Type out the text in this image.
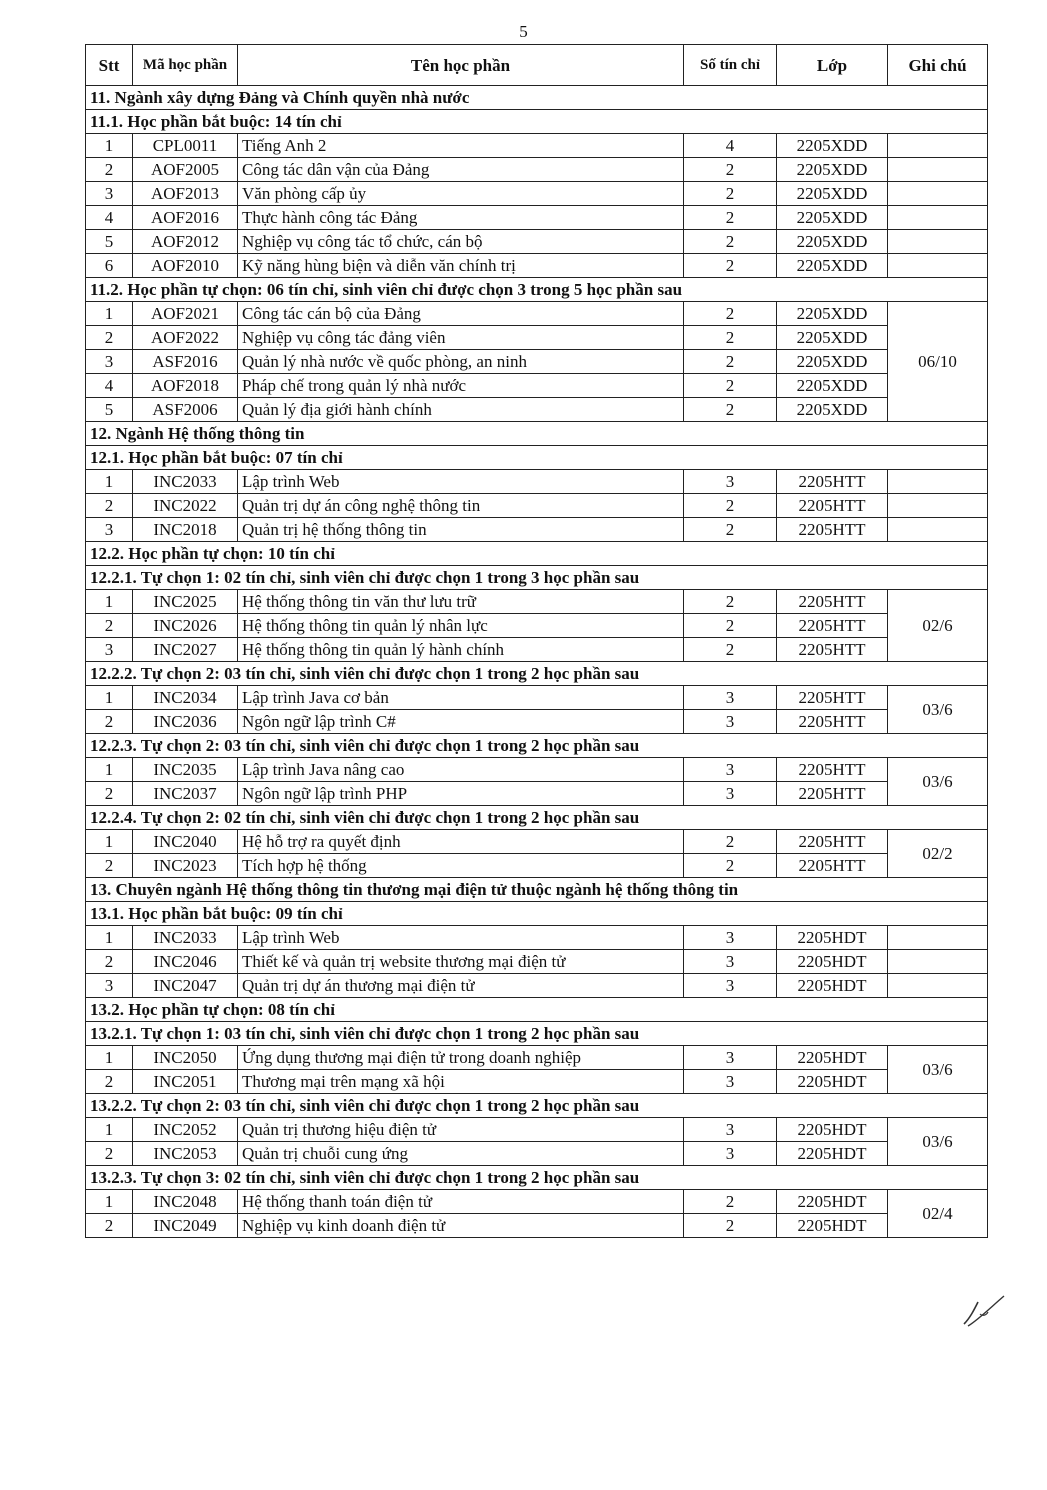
5
Stt	Mã học phần	Tên học phần	Số tín chỉ	Lớp	Ghi chú
11. Ngành xây dựng Đảng và Chính quyền nhà nước					
11.1. Học phần bắt buộc: 14 tín chỉ					
1	CPL0011	Tiếng Anh 2	4	2205XDD	
2	AOF2005	Công tác dân vận của Đảng	2	2205XDD	
3	AOF2013	Văn phòng cấp ủy	2	2205XDD	
4	AOF2016	Thực hành công tác Đảng	2	2205XDD	
5	AOF2012	Nghiệp vụ công tác tổ chức, cán bộ	2	2205XDD	
6	AOF2010	Kỹ năng hùng biện và diễn văn chính trị	2	2205XDD	
11.2. Học phần tự chọn: 06 tín chỉ, sinh viên chỉ được chọn 3 trong 5 học phần sau					
1	AOF2021	Công tác cán bộ của Đảng	2	2205XDD	06/10
2	AOF2022	Nghiệp vụ công tác đảng viên	2	2205XDD	
3	ASF2016	Quản lý nhà nước về quốc phòng, an ninh	2	2205XDD	
4	AOF2018	Pháp chế trong quản lý nhà nước	2	2205XDD	
5	ASF2006	Quản lý địa giới hành chính	2	2205XDD	
12. Ngành Hệ thống thông tin					
12.1. Học phần bắt buộc: 07 tín chỉ					
1	INC2033	Lập trình Web	3	2205HTT	
2	INC2022	Quản trị dự án công nghệ thông tin	2	2205HTT	
3	INC2018	Quản trị hệ thống thông tin	2	2205HTT	
12.2. Học phần tự chọn: 10 tín chỉ					
12.2.1. Tự chọn 1: 02 tín chỉ, sinh viên chỉ được chọn 1 trong 3 học phần sau					
1	INC2025	Hệ thống thông tin văn thư lưu trữ	2	2205HTT	02/6
2	INC2026	Hệ thống thông tin quản lý nhân lực	2	2205HTT	
3	INC2027	Hệ thống thông tin quản lý hành chính	2	2205HTT	
12.2.2. Tự chọn 2: 03 tín chỉ, sinh viên chỉ được chọn 1 trong 2 học phần sau					
1	INC2034	Lập trình Java cơ bản	3	2205HTT	03/6
2	INC2036	Ngôn ngữ lập trình C#	3	2205HTT	
12.2.3. Tự chọn 2: 03 tín chỉ, sinh viên chỉ được chọn 1 trong 2 học phần sau					
1	INC2035	Lập trình Java nâng cao	3	2205HTT	03/6
2	INC2037	Ngôn ngữ lập trình PHP	3	2205HTT	
12.2.4. Tự chọn 2: 02 tín chỉ, sinh viên chỉ được chọn 1 trong 2 học phần sau					
1	INC2040	Hệ hỗ trợ ra quyết định	2	2205HTT	02/2
2	INC2023	Tích hợp hệ thống	2	2205HTT	
13. Chuyên ngành Hệ thống thông tin thương mại điện tử thuộc ngành hệ thống thông tin					
13.1. Học phần bắt buộc: 09 tín chỉ					
1	INC2033	Lập trình Web	3	2205HDT	
2	INC2046	Thiết kế và quản trị website thương mại điện tử	3	2205HDT	
3	INC2047	Quản trị dự án thương mại điện tử	3	2205HDT	
13.2. Học phần tự chọn: 08 tín chỉ					
13.2.1. Tự chọn 1: 03 tín chỉ, sinh viên chỉ được chọn 1 trong 2 học phần sau					
1	INC2050	Ứng dụng thương mại điện tử trong doanh nghiệp	3	2205HDT	03/6
2	INC2051	Thương mại trên mạng xã hội	3	2205HDT	
13.2.2. Tự chọn 2: 03 tín chỉ, sinh viên chỉ được chọn 1 trong 2 học phần sau					
1	INC2052	Quản trị thương hiệu điện tử	3	2205HDT	03/6
2	INC2053	Quản trị chuỗi cung ứng	3	2205HDT	
13.2.3. Tự chọn 3: 02 tín chỉ, sinh viên chỉ được chọn 1 trong 2 học phần sau					
1	INC2048	Hệ thống thanh toán điện tử	2	2205HDT	02/4
2	INC2049	Nghiệp vụ kinh doanh điện tử	2	2205HDT	
